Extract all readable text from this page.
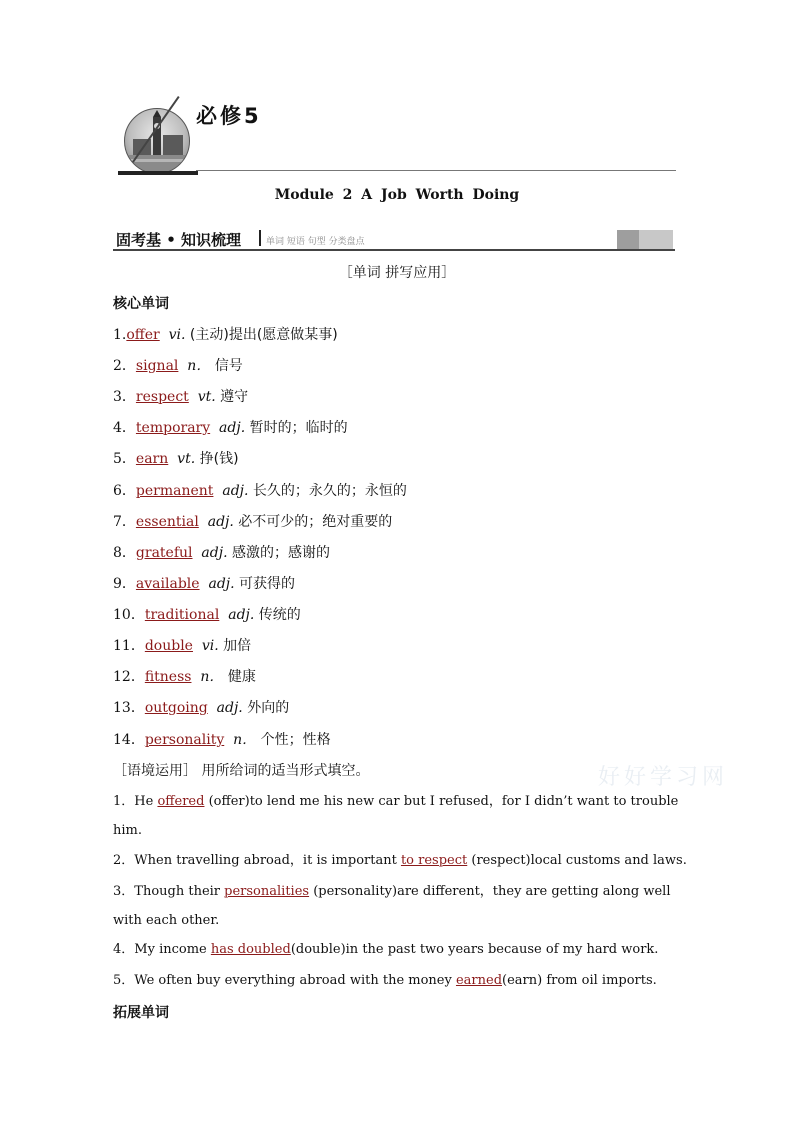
必修5
Module 2 A Job Worth Doing
固考基 • 知识梳理	单词 短语 句型 分类盘点
［单词 拼写应用］
核心单词
1.offer vi. (主动)提出(愿意做某事)
2．signal n． 信号
3．respect vt. 遵守
4．temporary adj. 暂时的；临时的
5．earn vt. 挣(钱)
6．permanent adj. 长久的；永久的；永恒的
7．essential adj. 必不可少的；绝对重要的
8．grateful adj. 感激的；感谢的
9．available adj. 可获得的
10．traditional adj. 传统的
11．double vi. 加倍
12．fitness n． 健康
13．outgoing adj. 外向的
14．personality n． 个性；性格
［语境运用］ 用所给词的适当形式填空。
1．He offered (offer)to lend me his new car but I refused，for I didn’t want to trouble
him.
2．When travelling abroad，it is important to respect (respect)local customs and laws.
3．Though their personalities (personality)are different，they are getting along well
with each other.
4．My income has doubled(double)in the past two years because of my hard work.
5．We often buy everything abroad with the money earned(earn) from oil imports.
拓展单词
好好学习网
